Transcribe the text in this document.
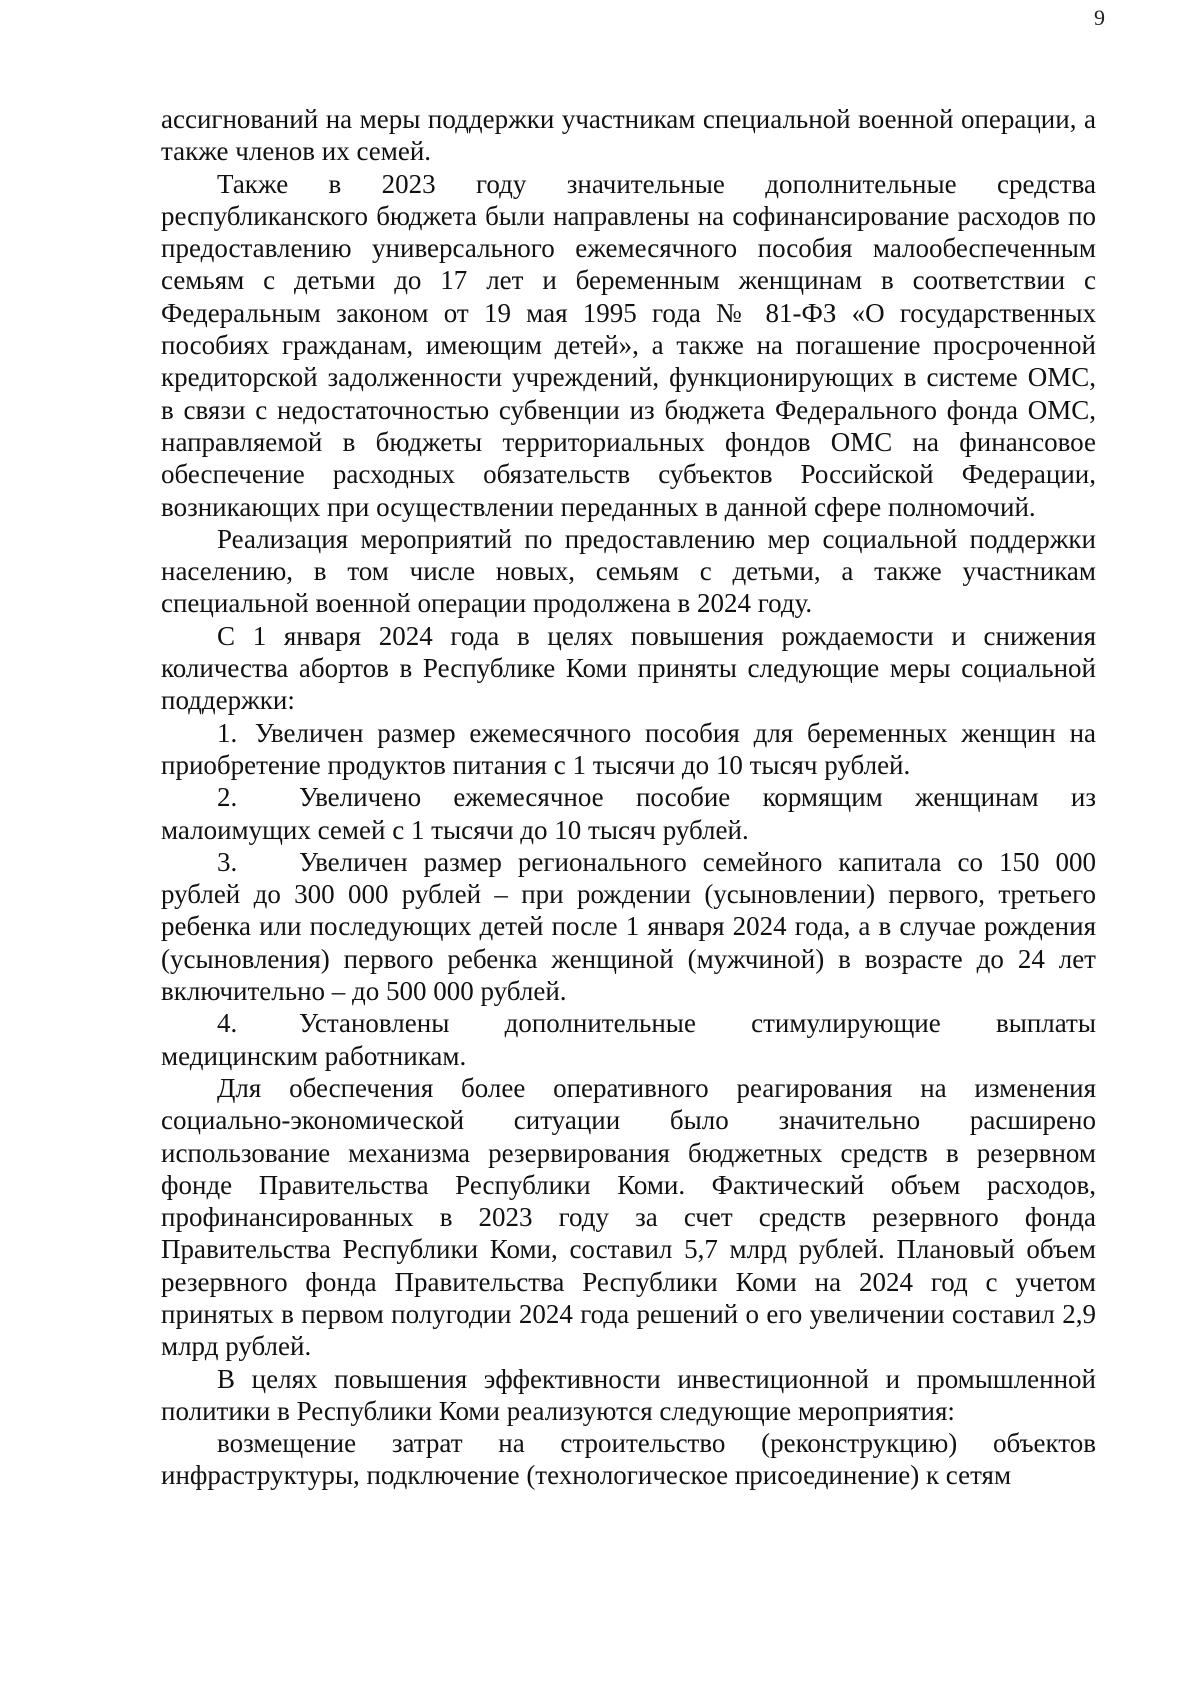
9

ассигнований на меры поддержки участникам специальной военной операции, а также членов их семей.

Также в 2023 году значительные дополнительные средства республиканского бюджета были направлены на софинансирование расходов по предоставлению универсального ежемесячного пособия малообеспеченным семьям с детьми до 17 лет и беременным женщинам в соответствии с Федеральным законом от 19 мая 1995 года № 81-ФЗ «О государственных пособиях гражданам, имеющим детей», а также на погашение просроченной кредиторской задолженности учреждений, функционирующих в системе ОМС, в связи с недостаточностью субвенции из бюджета Федерального фонда ОМС, направляемой в бюджеты территориальных фондов ОМС на финансовое обеспечение расходных обязательств субъектов Российской Федерации, возникающих при осуществлении переданных в данной сфере полномочий.

Реализация мероприятий по предоставлению мер социальной поддержки населению, в том числе новых, семьям с детьми, а также участникам специальной военной операции продолжена в 2024 году.

С 1 января 2024 года в целях повышения рождаемости и снижения количества абортов в Республике Коми приняты следующие меры социальной поддержки:

1. Увеличен размер ежемесячного пособия для беременных женщин на приобретение продуктов питания с 1 тысячи до 10 тысяч рублей.

2. Увеличено ежемесячное пособие кормящим женщинам из малоимущих семей с 1 тысячи до 10 тысяч рублей.

3. Увеличен размер регионального семейного капитала со 150 000 рублей до 300 000 рублей – при рождении (усыновлении) первого, третьего ребенка или последующих детей после 1 января 2024 года, а в случае рождения (усыновления) первого ребенка женщиной (мужчиной) в возрасте до 24 лет включительно – до 500 000 рублей.

4. Установлены дополнительные стимулирующие выплаты медицинским работникам.

Для обеспечения более оперативного реагирования на изменения социально-экономической ситуации было значительно расширено использование механизма резервирования бюджетных средств в резервном фонде Правительства Республики Коми. Фактический объем расходов, профинансированных в 2023 году за счет средств резервного фонда Правительства Республики Коми, составил 5,7 млрд рублей. Плановый объем резервного фонда Правительства Республики Коми на 2024 год с учетом принятых в первом полугодии 2024 года решений о его увеличении составил 2,9 млрд рублей.

В целях повышения эффективности инвестиционной и промышленной политики в Республики Коми реализуются следующие мероприятия:

возмещение затрат на строительство (реконструкцию) объектов инфраструктуры, подключение (технологическое присоединение) к сетям
